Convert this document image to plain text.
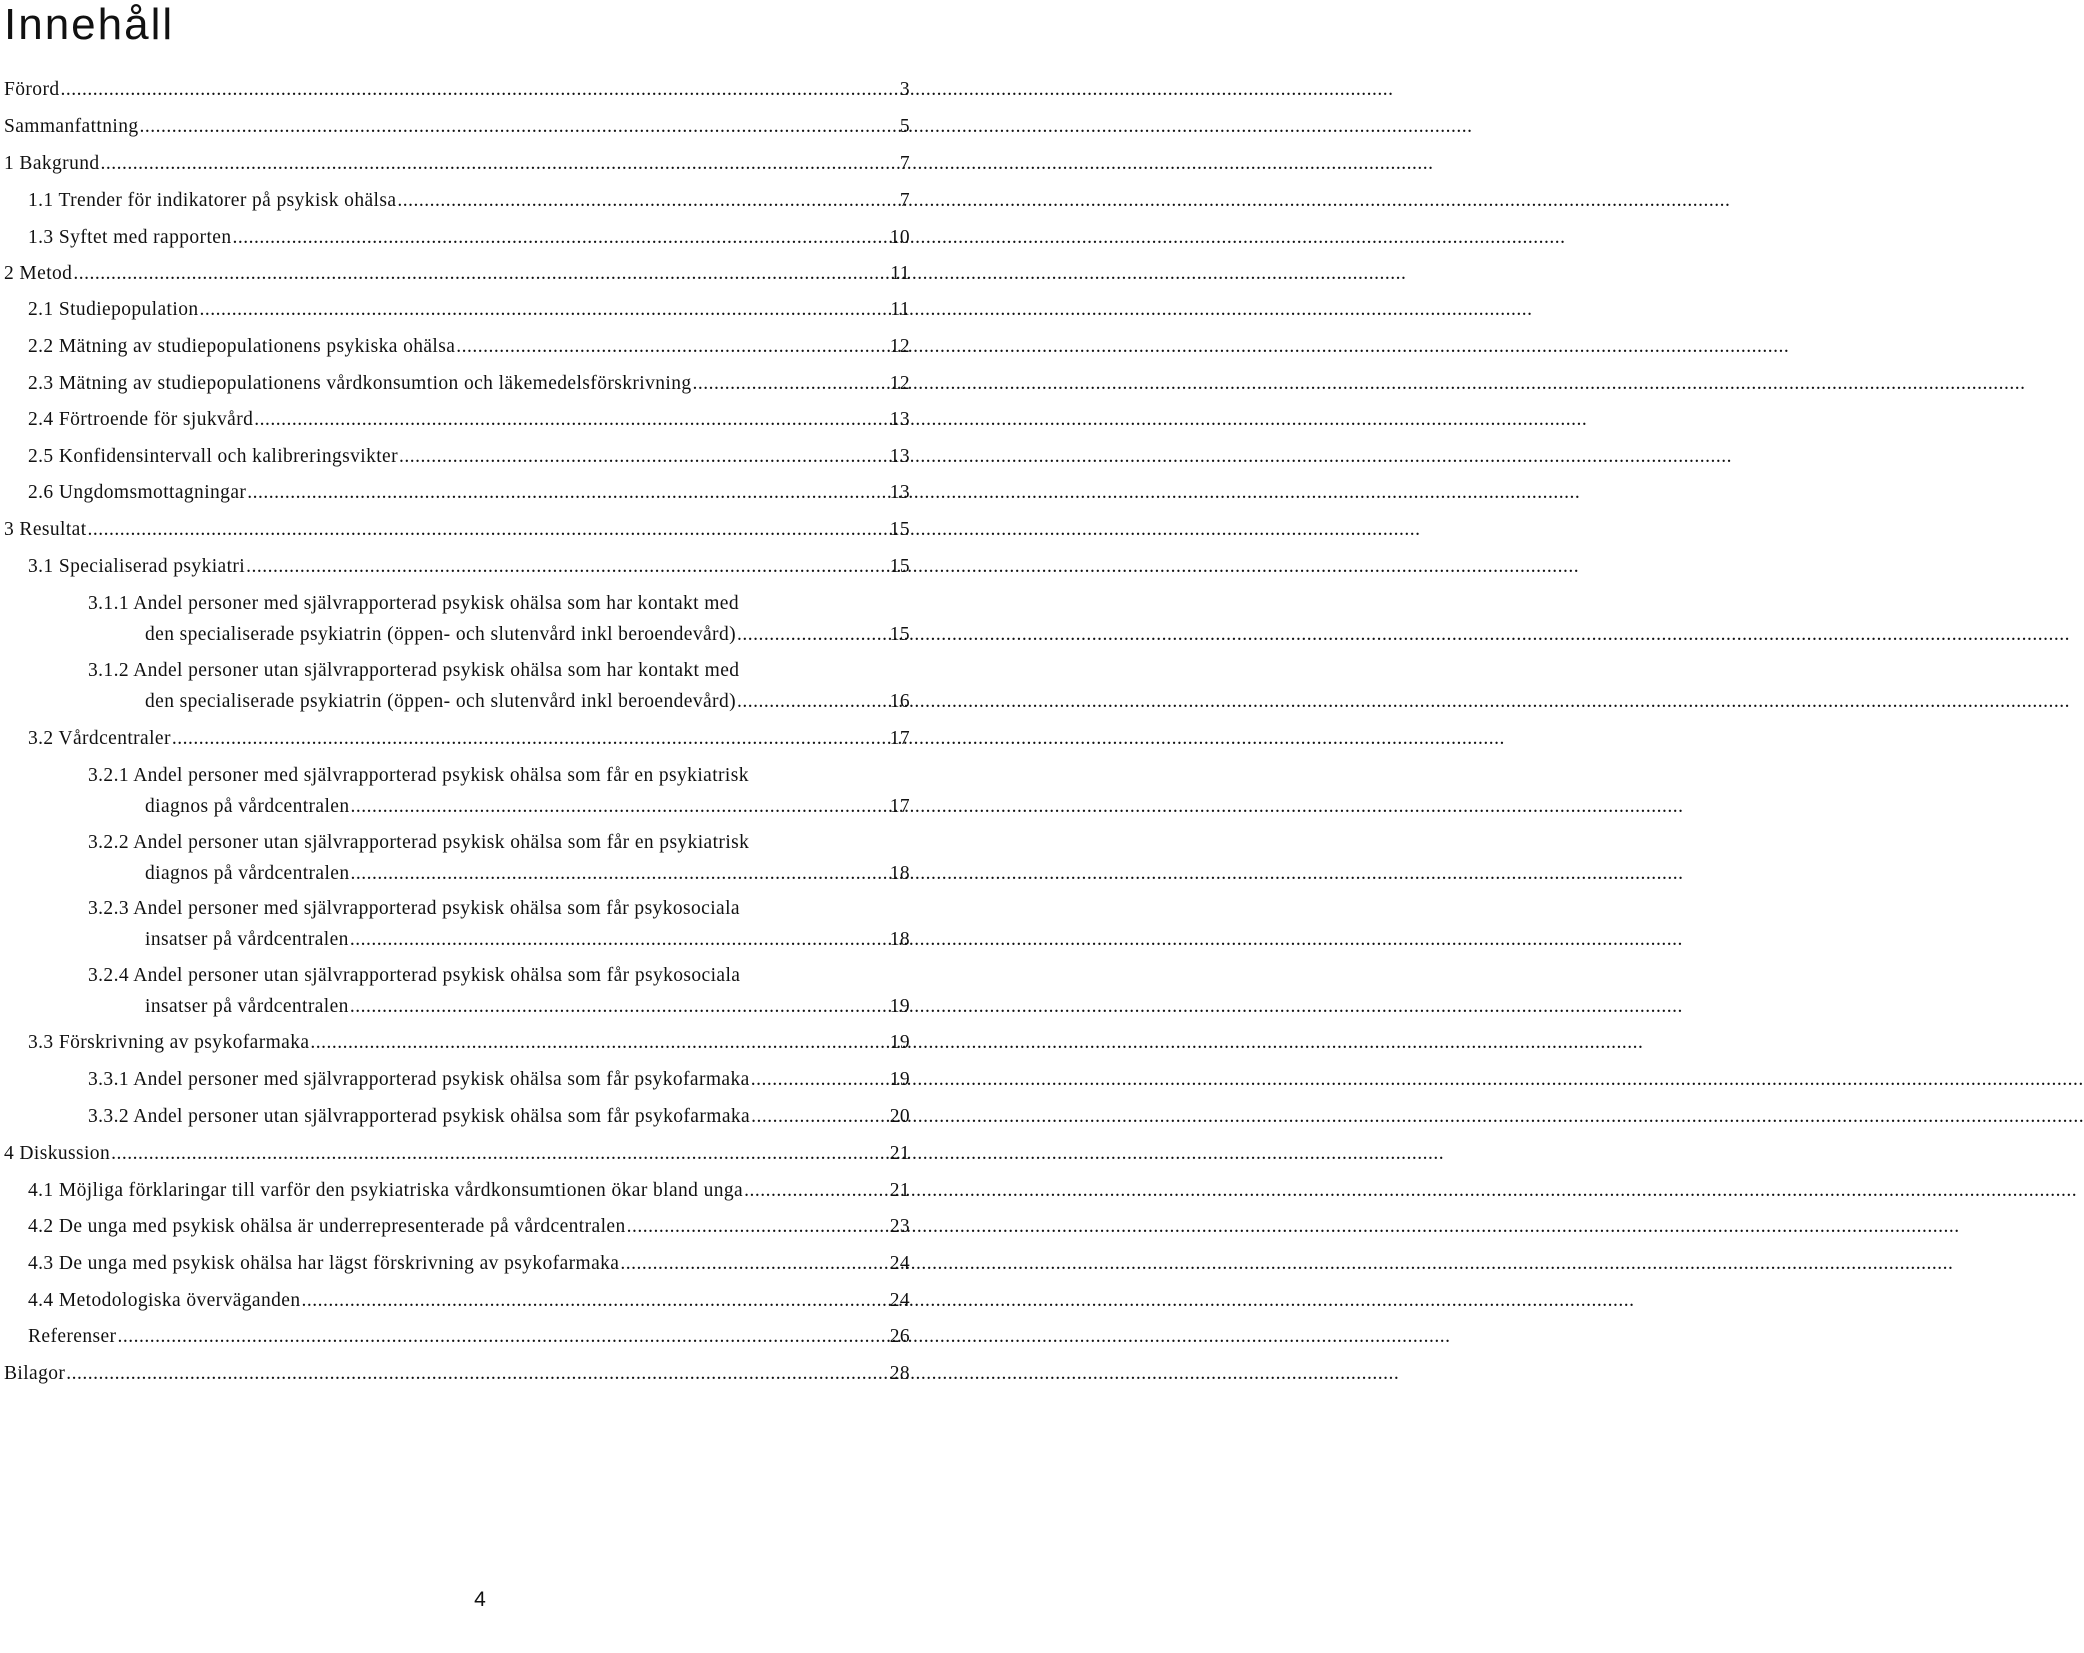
Innehåll
Förord .....	3
Sammanfattning .....	5
1 Bakgrund .....	7
1.1 Trender för indikatorer på psykisk ohälsa .....	7
1.3 Syftet med rapporten .....	10
2 Metod .....	11
2.1 Studiepopulation .....	11
2.2 Mätning av studiepopulationens psykiska ohälsa .....	12
2.3 Mätning av studiepopulationens vårdkonsumtion och läkemedelsförskrivning .....	12
2.4 Förtroende för sjukvård .....	13
2.5 Konfidensintervall och kalibreringsvikter .....	13
2.6 Ungdomsmottagningar .....	13
3 Resultat .....	15
3.1 Specialiserad psykiatri .....	15
3.1.1 Andel personer med självrapporterad psykisk ohälsa som har kontakt med
den specialiserade psykiatrin (öppen- och slutenvård inkl beroendevård) .....	15
3.1.2 Andel personer utan självrapporterad psykisk ohälsa som har kontakt med
den specialiserade psykiatrin (öppen- och slutenvård inkl beroendevård) .....	16
3.2 Vårdcentraler .....	17
3.2.1 Andel personer med självrapporterad psykisk ohälsa som får en psykiatrisk
diagnos på vårdcentralen .....	17
3.2.2 Andel personer utan självrapporterad psykisk ohälsa som får en psykiatrisk
diagnos på vårdcentralen .....	18
3.2.3 Andel personer med självrapporterad psykisk ohälsa som får psykosociala
insatser på vårdcentralen .....	18
3.2.4 Andel personer utan självrapporterad psykisk ohälsa som får psykosociala
insatser på vårdcentralen .....	19
3.3 Förskrivning av psykofarmaka .....	19
3.3.1 Andel personer med självrapporterad psykisk ohälsa som får psykofarmaka .....	19
3.3.2 Andel personer utan självrapporterad psykisk ohälsa som får psykofarmaka .....	20
4 Diskussion .....	21
4.1 Möjliga förklaringar till varför den psykiatriska vårdkonsumtionen ökar bland unga .....	21
4.2 De unga med psykisk ohälsa är underrepresenterade på vårdcentralen .....	23
4.3 De unga med psykisk ohälsa har lägst förskrivning av psykofarmaka .....	24
4.4 Metodologiska överväganden .....	24
Referenser .....	26
Bilagor .....	28
4
